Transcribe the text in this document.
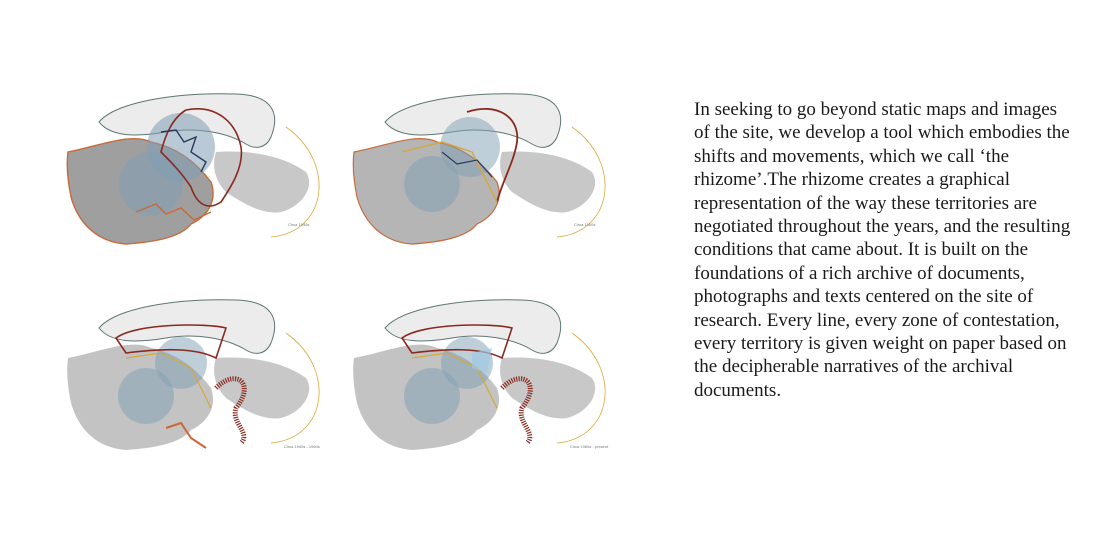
Circa 1940s	Circa 1960s
Circa 1940s - 1960s	Circa 1960s - present

In seeking to go beyond static maps and images of the site, we develop a tool which embodies the shifts and movements, which we call ‘the rhizome’.The rhizome creates a graphical representation of the way these territories are negotiated throughout the years, and the resulting conditions that came about. It is built on the foundations of a rich archive of documents, photographs and texts centered on the site of research. Every line, every zone of contestation, every territory is given weight on paper based on the decipherable narratives of the archival documents.
